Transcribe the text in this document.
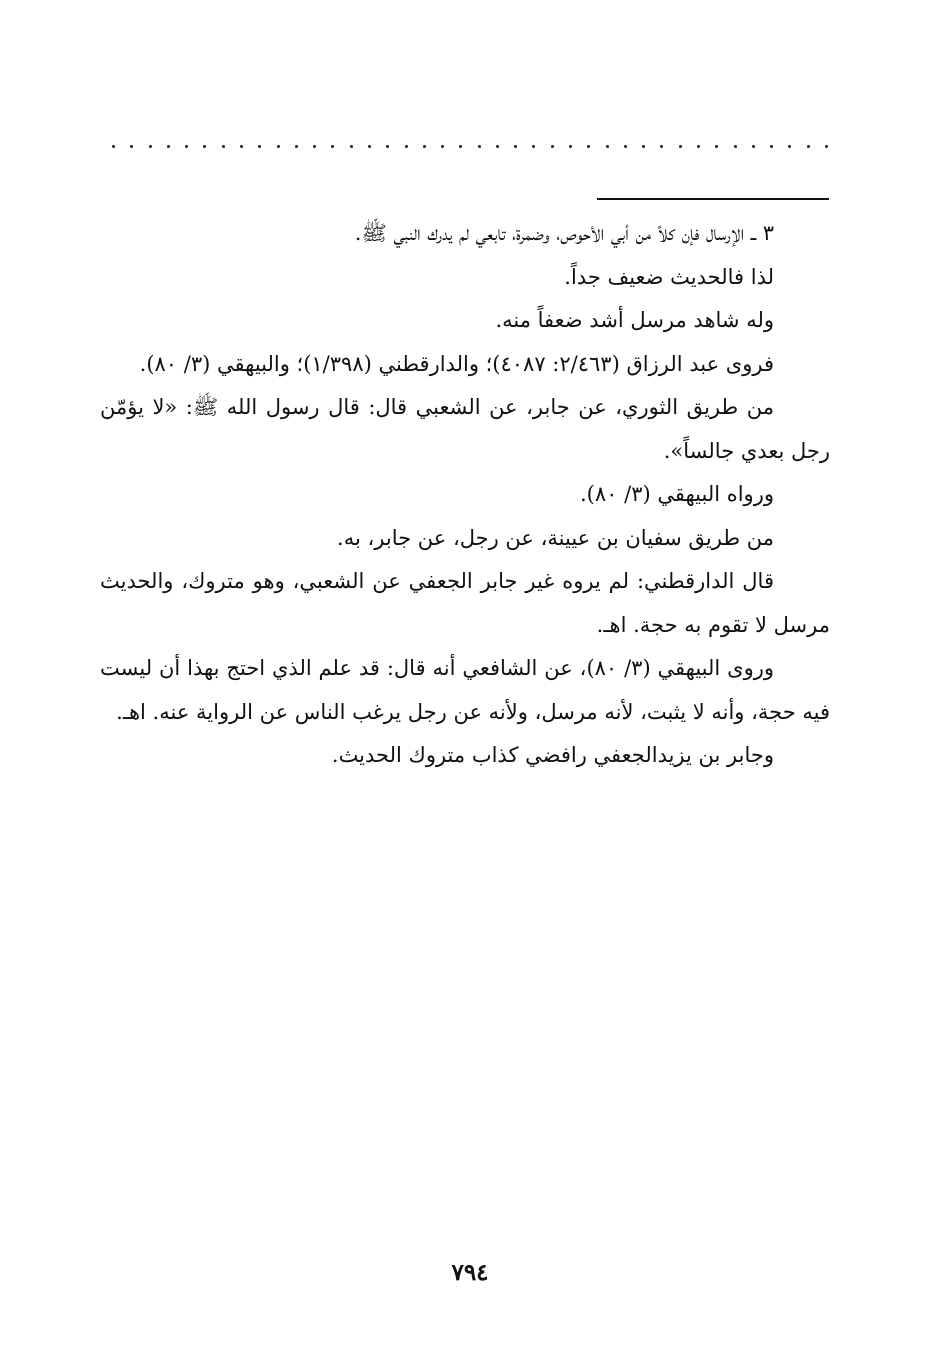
٣ ــ الإرسال فإن كلاً من أبي الأحوص، وضمرة، تابعي لم يدرك النبي ﷺ.

لذا فالحديث ضعيف جداً.

وله شاهد مرسل أشد ضعفاً منه.

فروى عبد الرزاق (٢/٤٦٣: ٤٠٨٧)؛ والدارقطني (١/٣٩٨)؛ والبيهقي (٣/ ٨٠).

من طريق الثوري، عن جابر، عن الشعبي قال: قال رسول الله ﷺ: «لا يؤمّن رجل بعدي جالساً».

ورواه البيهقي (٣/ ٨٠).

من طريق سفيان بن عيينة، عن رجل، عن جابر، به.

قال الدارقطني: لم يروه غير جابر الجعفي عن الشعبي، وهو متروك، والحديث مرسل لا تقوم به حجة. اهـ.

وروى البيهقي (٣/ ٨٠)، عن الشافعي أنه قال: قد علم الذي احتج بهذا أن ليست فيه حجة، وأنه لا يثبت، لأنه مرسل، ولأنه عن رجل يرغب الناس عن الرواية عنه. اهـ.

وجابر بن يزيدالجعفي رافضي كذاب متروك الحديث.

٧٩٤
